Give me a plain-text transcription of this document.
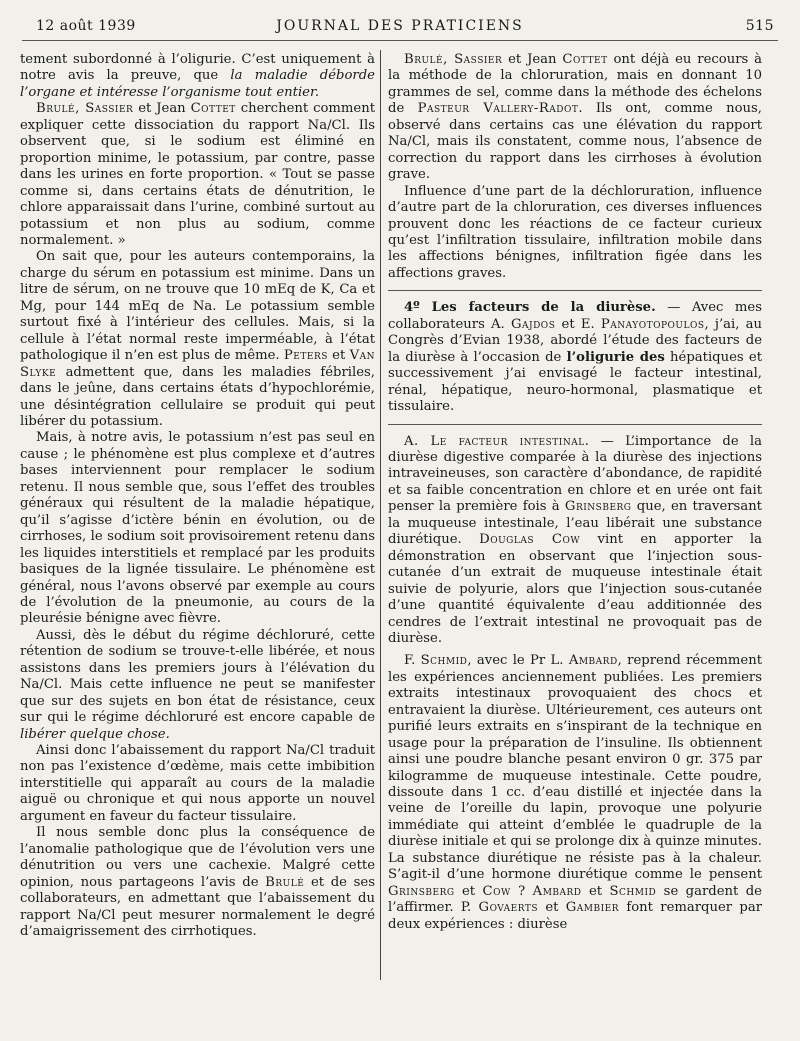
12 août 1939	JOURNAL DES PRATICIENS	515

tement subordonné à l’oligurie. C’est uniquement à notre avis la preuve, que la maladie déborde l’organe et intéresse l’organisme tout entier.

Brulé, Sassier et Jean Cottet cherchent comment expliquer cette dissociation du rapport Na/Cl. Ils observent que, si le sodium est éliminé en proportion minime, le potassium, par contre, passe dans les urines en forte proportion. « Tout se passe comme si, dans certains états de dénutrition, le chlore apparaissait dans l’urine, combiné surtout au potassium et non plus au sodium, comme normalement. »

On sait que, pour les auteurs contemporains, la charge du sérum en potassium est minime. Dans un litre de sérum, on ne trouve que 10 mEq de K, Ca et Mg, pour 144 mEq de Na. Le potassium semble surtout fixé à l’intérieur des cellules. Mais, si la cellule à l’état normal reste imperméable, à l’état pathologique il n’en est plus de même. Peters et Van Slyke admettent que, dans les maladies fébriles, dans le jeûne, dans certains états d’hypochlorémie, une désintégration cellulaire se produit qui peut libérer du potassium.

Mais, à notre avis, le potassium n’est pas seul en cause ; le phénomène est plus complexe et d’autres bases interviennent pour remplacer le sodium retenu. Il nous semble que, sous l’effet des troubles généraux qui résultent de la maladie hépatique, qu’il s’agisse d’ictère bénin en évolution, ou de cirrhoses, le sodium soit provisoirement retenu dans les liquides interstitiels et remplacé par les produits basiques de la lignée tissulaire. Le phénomène est général, nous l’avons observé par exemple au cours de l’évolution de la pneumonie, au cours de la pleurésie bénigne avec fièvre.

Aussi, dès le début du régime déchloruré, cette rétention de sodium se trouve-t-elle libérée, et nous assistons dans les premiers jours à l’élévation du Na/Cl. Mais cette influence ne peut se manifester que sur des sujets en bon état de résistance, ceux sur qui le régime déchloruré est encore capable de libérer quelque chose.

Ainsi donc l’abaissement du rapport Na/Cl traduit non pas l’existence d’œdème, mais cette imbibition interstitielle qui apparaît au cours de la maladie aiguë ou chronique et qui nous apporte un nouvel argument en faveur du facteur tissulaire.

Il nous semble donc plus la conséquence de l’anomalie pathologique que de l’évolution vers une dénutrition ou vers une cachexie. Malgré cette opinion, nous partageons l’avis de Brulé et de ses collaborateurs, en admettant que l’abaissement du rapport Na/Cl peut mesurer normalement le degré d’amaigrissement des cirrhotiques.

Brulé, Sassier et Jean Cottet ont déjà eu recours à la méthode de la chloruration, mais en donnant 10 grammes de sel, comme dans la méthode des échelons de Pasteur Vallery-Radot. Ils ont, comme nous, observé dans certains cas une élévation du rapport Na/Cl, mais ils constatent, comme nous, l’absence de correction du rapport dans les cirrhoses à évolution grave.

Influence d’une part de la déchloruration, influence d’autre part de la chloruration, ces diverses influences prouvent donc les réactions de ce facteur curieux qu’est l’infiltration tissulaire, infiltration mobile dans les affections bénignes, infiltration figée dans les affections graves.

4º Les facteurs de la diurèse. — Avec mes collaborateurs A. Gajdos et E. Panayotopoulos, j’ai, au Congrès d’Evian 1938, abordé l’étude des facteurs de la diurèse à l’occasion de l’oligurie des hépatiques et successivement j’ai envisagé le facteur intestinal, rénal, hépatique, neuro-hormonal, plasmatique et tissulaire.

A. Le facteur intestinal. — L’importance de la diurèse digestive comparée à la diurèse des injections intraveineuses, son caractère d’abondance, de rapidité et sa faible concentration en chlore et en urée ont fait penser la première fois à Grinsberg que, en traversant la muqueuse intestinale, l’eau libérait une substance diurétique. Douglas Cow vint en apporter la démonstration en observant que l’injection sous-cutanée d’un extrait de muqueuse intestinale était suivie de polyurie, alors que l’injection sous-cutanée d’une quantité équivalente d’eau additionnée des cendres de l’extrait intestinal ne provoquait pas de diurèse.

F. Schmid, avec le Pr L. Ambard, reprend récemment les expériences anciennement publiées. Les premiers extraits intestinaux provoquaient des chocs et entravaient la diurèse. Ultérieurement, ces auteurs ont purifié leurs extraits en s’inspirant de la technique en usage pour la préparation de l’insuline. Ils obtiennent ainsi une poudre blanche pesant environ 0 gr. 375 par kilogramme de muqueuse intestinale. Cette poudre, dissoute dans 1 cc. d’eau distillé et injectée dans la veine de l’oreille du lapin, provoque une polyurie immédiate qui atteint d’emblée le quadruple de la diurèse initiale et qui se prolonge dix à quinze minutes. La substance diurétique ne résiste pas à la chaleur. S’agit-il d’une hormone diurétique comme le pensent Grinsberg et Cow ? Ambard et Schmid se gardent de l’affirmer. P. Govaerts et Gambier font remarquer par deux expériences : diurèse
